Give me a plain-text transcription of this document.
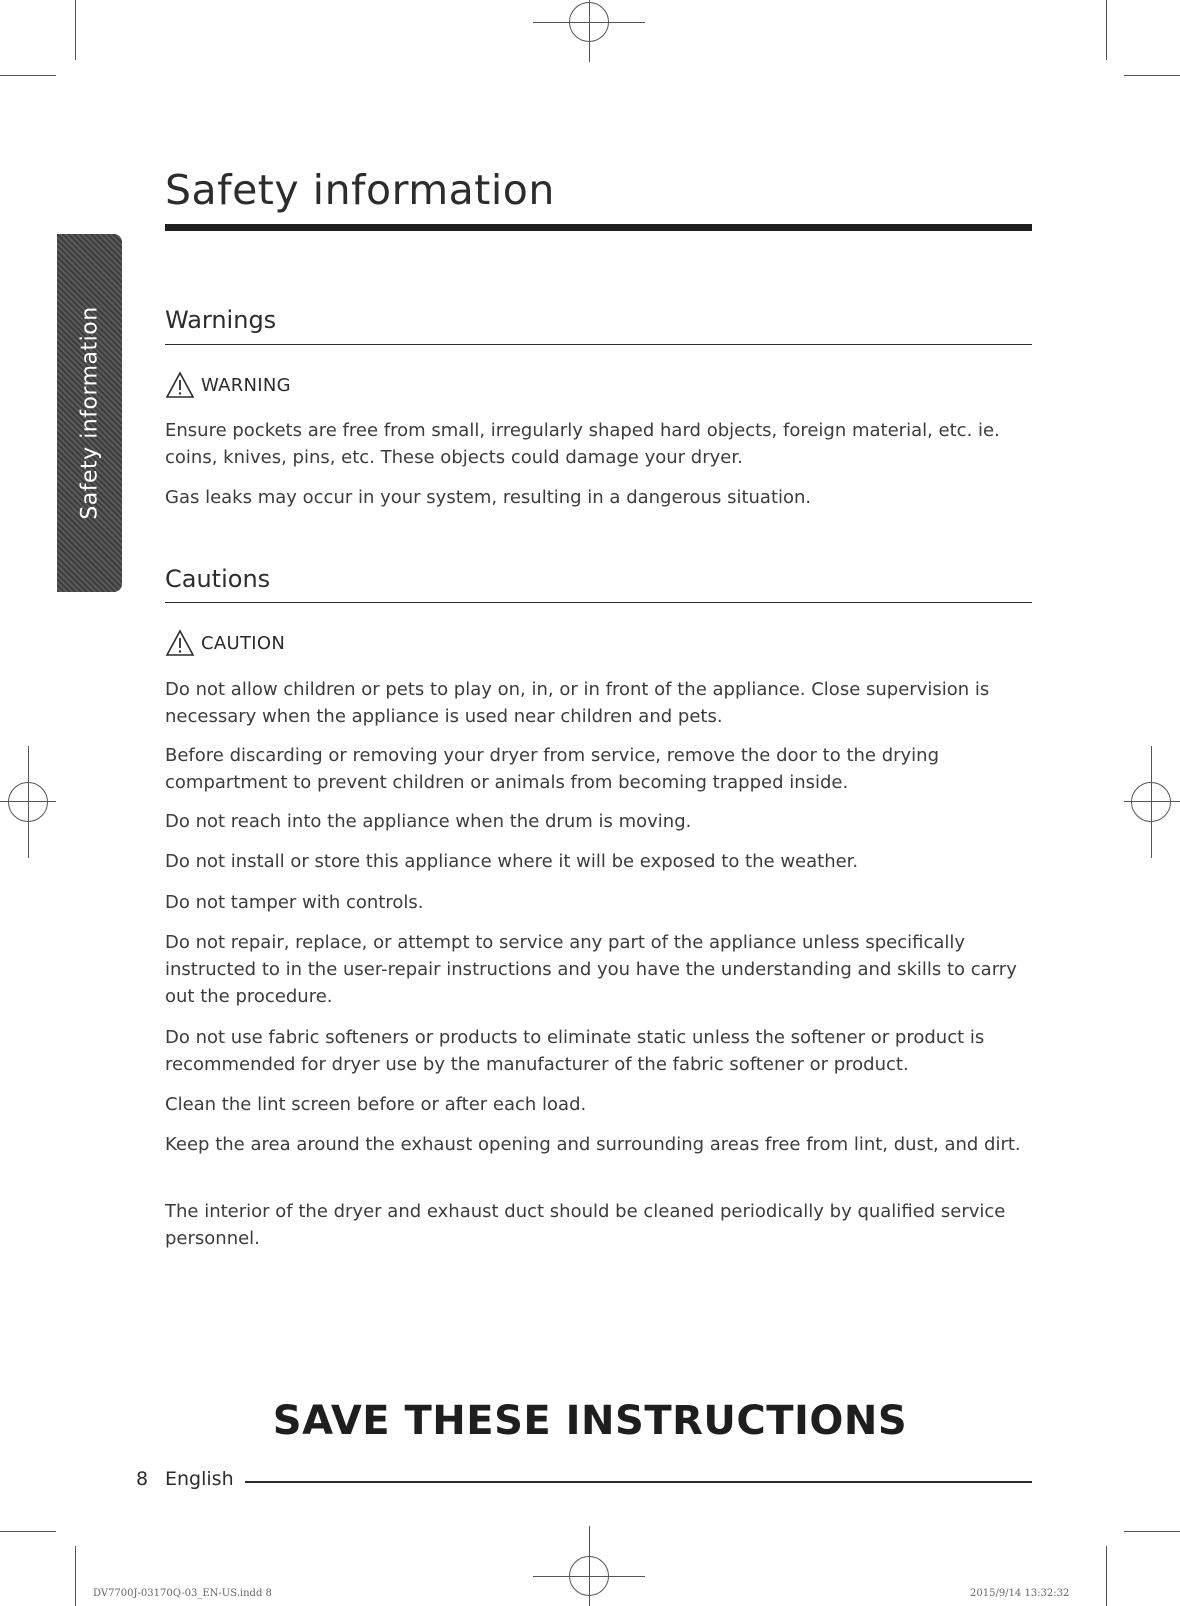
Safety information
Safety information
Warnings
WARNING

Ensure pockets are free from small, irregularly shaped hard objects, foreign material, etc. ie. coins, knives, pins, etc. These objects could damage your dryer.

Gas leaks may occur in your system, resulting in a dangerous situation.

Cautions
CAUTION

Do not allow children or pets to play on, in, or in front of the appliance. Close supervision is necessary when the appliance is used near children and pets.

Before discarding or removing your dryer from service, remove the door to the drying compartment to prevent children or animals from becoming trapped inside.

Do not reach into the appliance when the drum is moving.

Do not install or store this appliance where it will be exposed to the weather.

Do not tamper with controls.

Do not repair, replace, or attempt to service any part of the appliance unless specifically instructed to in the user-repair instructions and you have the understanding and skills to carry out the procedure.

Do not use fabric softeners or products to eliminate static unless the softener or product is recommended for dryer use by the manufacturer of the fabric softener or product.

Clean the lint screen before or after each load.

Keep the area around the exhaust opening and surrounding areas free from lint, dust, and dirt.

The interior of the dryer and exhaust duct should be cleaned periodically by qualified service personnel.

SAVE THESE INSTRUCTIONS
8 English
DV7700J-03170Q-03_EN-US.indd 8	2015/9/14 13:32:32
